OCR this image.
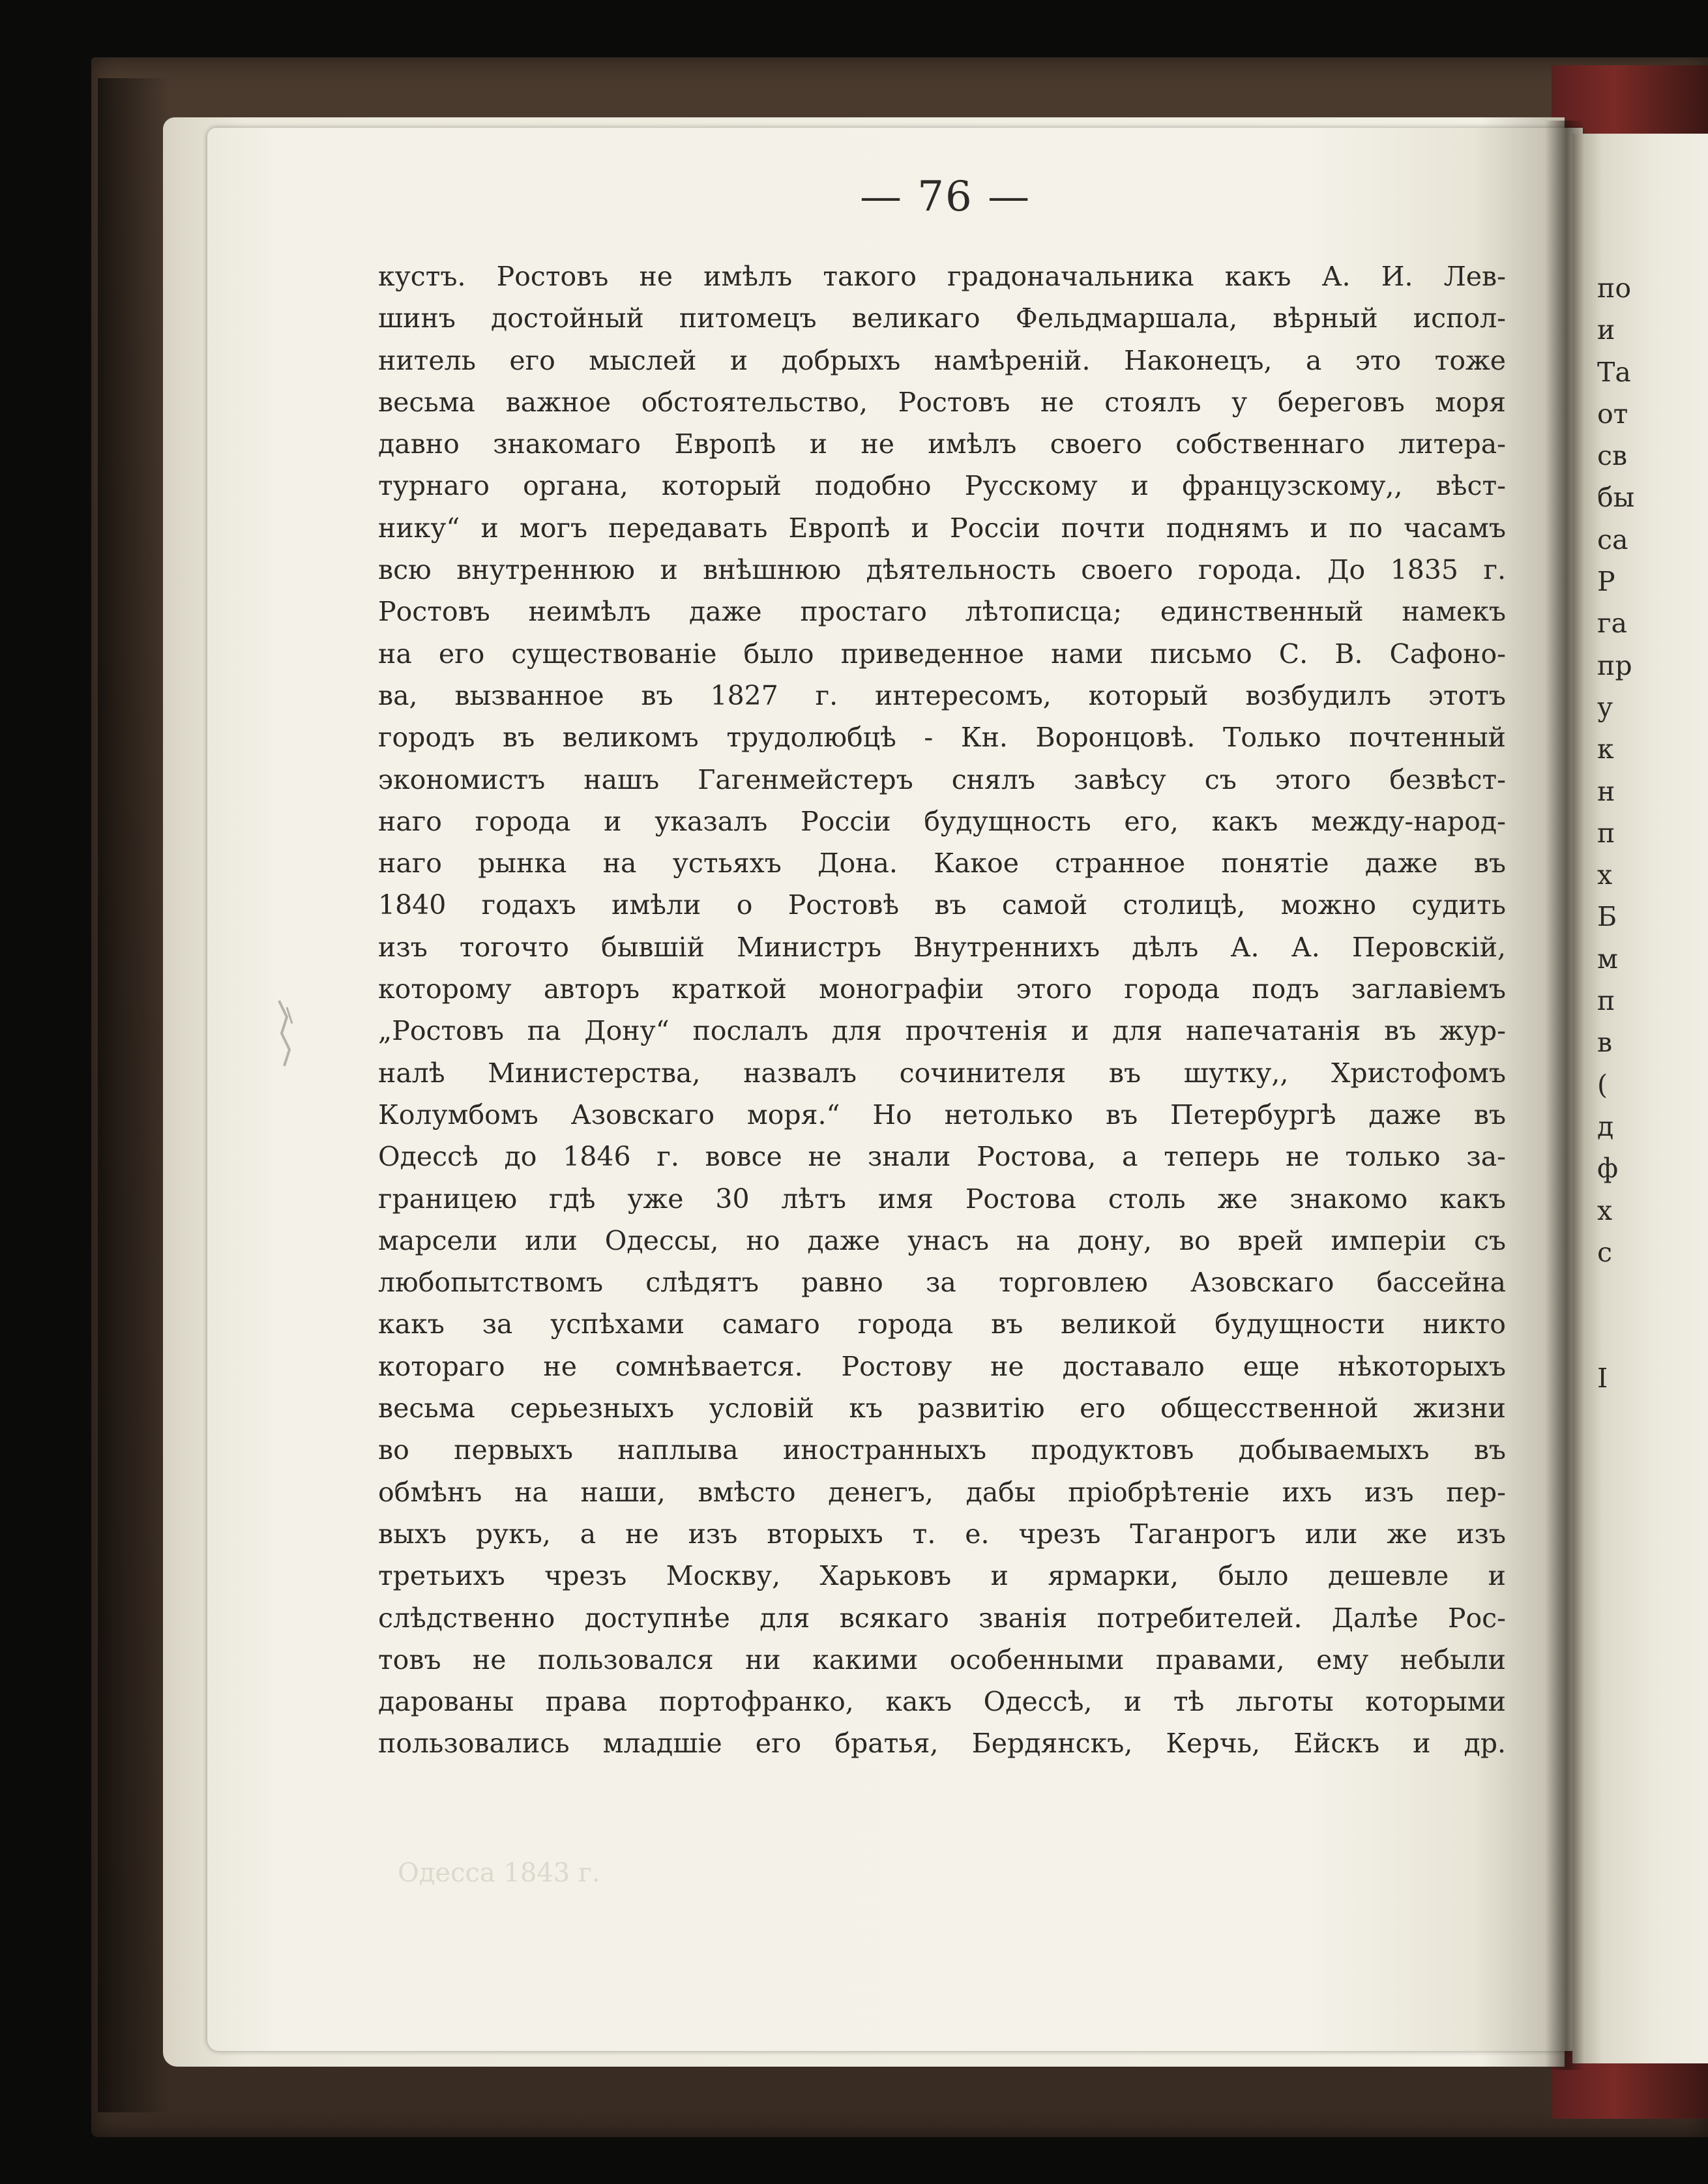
— 76 —
кустъ. Ростовъ не имѣлъ такого градоначальника какъ А. И. Лев-
шинъ достойный питомецъ великаго Фельдмаршала, вѣрный испол-
нитель его мыслей и добрыхъ намѣреній. Наконецъ, а это тоже
весьма важное обстоятельство, Ростовъ не стоялъ у береговъ моря
давно знакомаго Европѣ и не имѣлъ своего собственнаго литера-
турнаго органа, который подобно Русскому и французскому,, вѣст-
нику“ и могъ передавать Европѣ и Россіи почти поднямъ и по часамъ
всю внутреннюю и внѣшнюю дѣятельность своего города. До 1835 г.
Ростовъ неимѣлъ даже простаго лѣтописца; единственный намекъ
на его существованіе было приведенное нами письмо С. В. Сафоно-
ва, вызванное въ 1827 г. интересомъ, который возбудилъ этотъ
городъ въ великомъ трудолюбцѣ - Кн. Воронцовѣ. Только почтенный
экономистъ нашъ Гагенмейстеръ снялъ завѣсу съ этого безвѣст-
наго города и указалъ Россіи будущность его, какъ между-народ-
наго рынка на устьяхъ Дона. Какое странное понятіе даже въ
1840 годахъ имѣли о Ростовѣ въ самой столицѣ, можно судить
изъ тогочто бывшій Министръ Внутреннихъ дѣлъ А. А. Перовскій,
которому авторъ краткой монографіи этого города подъ заглавіемъ
„Ростовъ па Дону“ послалъ для прочтенія и для напечатанія въ жур-
налѣ Министерства, назвалъ сочинителя въ шутку,, Христофомъ
Колумбомъ Азовскаго моря.“ Но нетолько въ Петербургѣ даже въ
Одессѣ до 1846 г. вовсе не знали Ростова, а теперь не только за-
границею гдѣ уже 30 лѣтъ имя Ростова столь же знакомо какъ
марсели или Одессы, но даже унасъ на дону, во врей имперіи съ
любопытствомъ слѣдятъ равно за торговлею Азовскаго бассейна
какъ за успѣхами самаго города въ великой будущности никто
котораго не сомнѣвается. Ростову не доставало еще нѣкоторыхъ
весьма серьезныхъ условій къ развитію его общесственной жизни
во первыхъ наплыва иностранныхъ продуктовъ добываемыхъ въ
обмѣнъ на наши, вмѣсто денегъ, дабы пріобрѣтеніе ихъ изъ пер-
выхъ рукъ, а не изъ вторыхъ т. е. чрезъ Таганрогъ или же изъ
третьихъ чрезъ Москву, Харьковъ и ярмарки, было дешевле и
слѣдственно доступнѣе для всякаго званія потребителей. Далѣе Рос-
товъ не пользовался ни какими особенными правами, ему небыли
дарованы права портофранко, какъ Одессѣ, и тѣ льготы которыми
пользовались младшіе его братья, Бердянскъ, Керчь, Ейскъ и др.
Одесса 1843 г.
по
и
Та
от
св
бы
са
Р
га
пр
у
к
н
п
х
Б
м
п
в
(
д
ф
х
с
I
